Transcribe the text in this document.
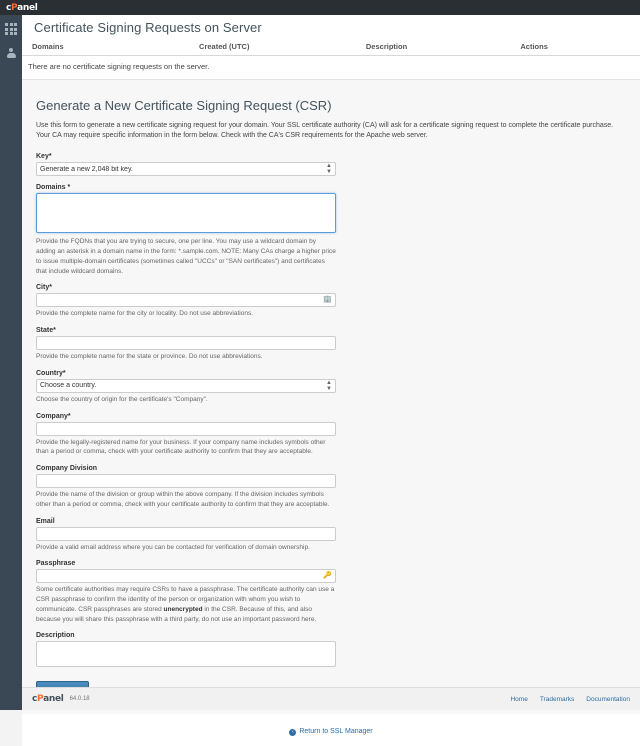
cPanel
Certificate Signing Requests on Server
Domains	Created (UTC)	Description	Actions
There are no certificate signing requests on the server.
Generate a New Certificate Signing Request (CSR)

Use this form to generate a new certificate signing request for your domain. Your SSL certificate authority (CA) will ask for a certificate signing request to complete the certificate purchase. Your CA may require specific information in the form below. Check with the CA's CSR requirements for the Apache web server.

Key*
Generate a new 2,048 bit key.
▲
▼
Domains *
Provide the FQDNs that you are trying to secure, one per line. You may use a wildcard domain by adding an asterisk in a domain name in the form: *.sample.com. NOTE: Many CAs charge a higher price to issue multiple-domain certificates (sometimes called "UCCs" or "SAN certificates") and certificates that include wildcard domains.
City*
🏢
Provide the complete name for the city or locality. Do not use abbreviations.
State*
Provide the complete name for the state or province. Do not use abbreviations.
Country*
Choose a country.
▲
▼
Choose the country of origin for the certificate's "Company".
Company*
Provide the legally-registered name for your business. If your company name includes symbols other than a period or comma, check with your certificate authority to confirm that they are acceptable.
Company Division
Provide the name of the division or group within the above company. If the division includes symbols other than a period or comma, check with your certificate authority to confirm that they are acceptable.
Email
Provide a valid email address where you can be contacted for verification of domain ownership.
Passphrase
🔑
Some certificate authorities may require CSRs to have a passphrase. The certificate authority can use a CSR passphrase to confirm the identity of the person or organization with whom you wish to communicate. CSR passphrases are stored unencrypted in the CSR. Because of this, and also because you will share this passphrase with a third party, do not use an important password here.
Description
‹ Return to SSL Manager
cPanel 64.0.18	Home Trademarks Documentation
